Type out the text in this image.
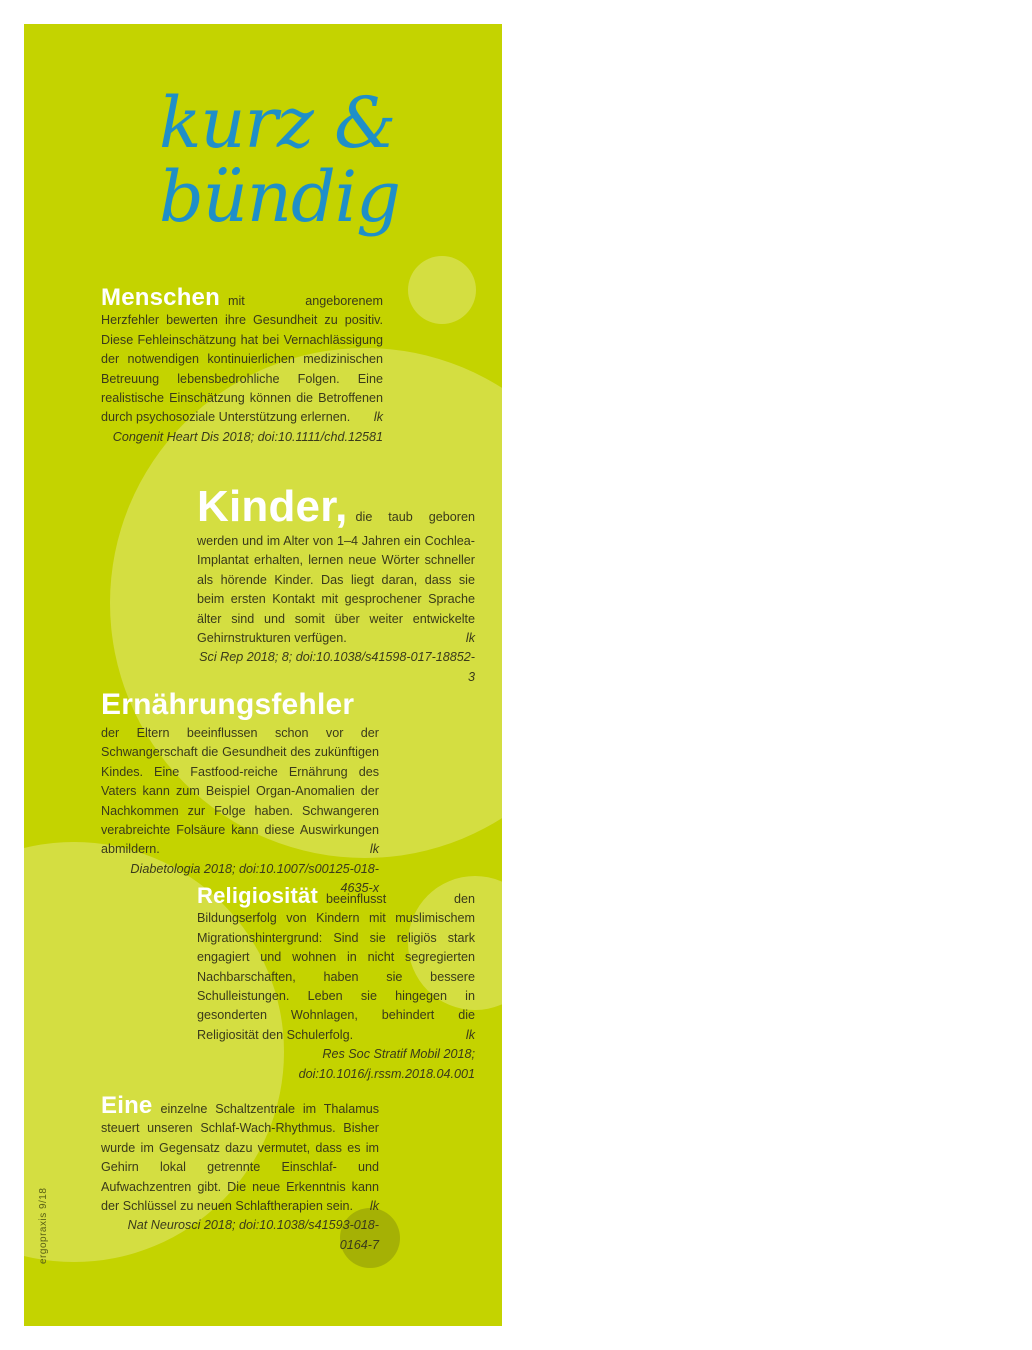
kurz &
bündig

Menschen mit angeborenem Herzfehler bewerten ihre Gesundheit zu positiv. Diese Fehleinschätzung hat bei Vernachlässigung der notwendigen kontinuierlichen medizinischen Betreuung lebensbedrohliche Folgen. Eine realistische Einschätzung können die Betroffenen durch psychosoziale Unterstützung erlernen. lk

Congenit Heart Dis 2018; doi:10.1111/chd.12581

Kinder, die taub geboren werden und im Alter von 1–4 Jahren ein Cochlea-Implantat erhalten, lernen neue Wörter schneller als hörende Kinder. Das liegt daran, dass sie beim ersten Kontakt mit gesprochener Sprache älter sind und somit über weiter entwickelte Gehirnstrukturen verfügen.	lk

Sci Rep 2018; 8; doi:10.1038/s41598-017-18852-3
Ernährungsfehler

der Eltern beeinflussen schon vor der Schwangerschaft die Gesundheit des zukünftigen Kindes. Eine Fastfood-reiche Ernährung des Vaters kann zum Beispiel Organ-Anomalien der Nachkommen zur Folge haben. Schwangeren verabreichte Folsäure kann diese Auswirkungen abmildern.	lk

Diabetologia 2018; doi:10.1007/s00125-018-4635-x

Religiosität beeinflusst den Bildungserfolg von Kindern mit muslimischem Migrationshintergrund: Sind sie religiös stark engagiert und wohnen in nicht segregierten Nachbarschaften, haben sie bessere Schulleistungen. Leben sie hingegen in gesonderten Wohnlagen, behindert die Religiosität den Schulerfolg.	lk

Res Soc Stratif Mobil 2018;
doi:10.1016/j.rssm.2018.04.001

Eine einzelne Schaltzentrale im Thalamus steuert unseren Schlaf-Wach-Rhythmus. Bisher wurde im Gegensatz dazu vermutet, dass es im Gehirn lokal getrennte Einschlaf- und Aufwachzentren gibt. Die neue Erkenntnis kann der Schlüssel zu neuen Schlaftherapien sein. lk

Nat Neurosci 2018; doi:10.1038/s41593-018-0164-7
ergopraxis 9/18
